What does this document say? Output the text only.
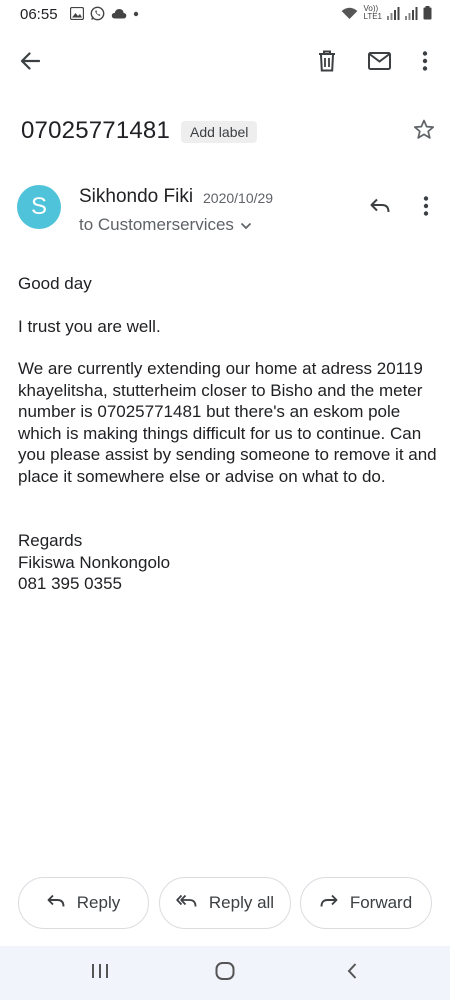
06:55	Vo))
LTE1
07025771481	Add label
S	Sikhondo Fiki 2020/10/29
to Customerservices

Good day

I trust you are well.

We are currently extending our home at adress 20119 khayelitsha, stutterheim closer to Bisho and the meter number is 07025771481 but there's an eskom pole which is making things difficult for us to continue. Can you please assist by sending someone to remove it and place it somewhere else or advise on what to do.

Regards

Fikiswa Nonkongolo

081 395 0355

Reply	Reply all	Forward
